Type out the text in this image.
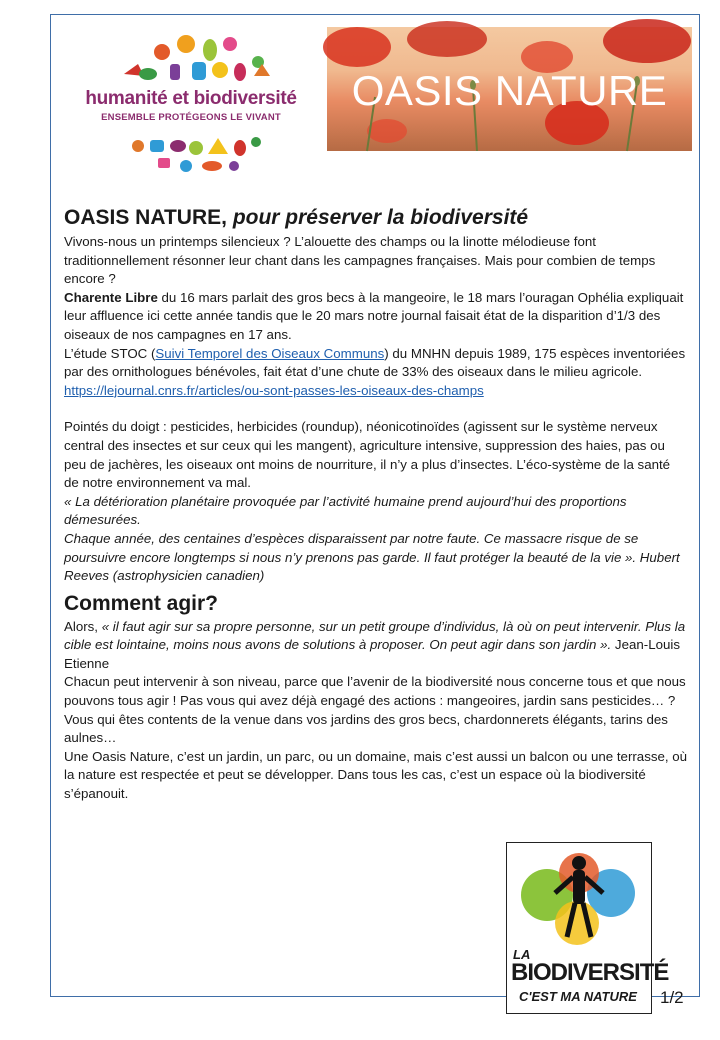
humanité et biodiversité
ENSEMBLE PROTÉGEONS LE VIVANT
OASIS NATURE
OASIS NATURE, pour préserver la biodiversité

Vivons-nous un printemps silencieux ? L’alouette des champs ou la linotte mélodieuse font traditionnellement résonner leur chant dans les campagnes françaises. Mais pour combien de temps encore ?

Charente Libre du 16 mars parlait des gros becs à la mangeoire, le 18 mars l’ouragan Ophélia expliquait leur affluence ici cette année tandis que le 20 mars notre journal faisait état de la disparition d’1/3 des oiseaux de nos campagnes en 17 ans.

L’étude STOC (Suivi Temporel des Oiseaux Communs) du MNHN depuis 1989, 175 espèces inventoriées par des ornithologues bénévoles, fait état d’une chute de 33% des oiseaux dans le milieu agricole.

https://lejournal.cnrs.fr/articles/ou-sont-passes-les-oiseaux-des-champs

Pointés du doigt : pesticides, herbicides (roundup), néonicotinoïdes (agissent sur le système nerveux central des insectes et sur ceux qui les mangent), agriculture intensive, suppression des haies, pas ou peu de jachères, les oiseaux ont moins de nourriture, il n’y a plus d’insectes. L’éco-système de la santé de notre environnement va mal.

« La détérioration planétaire provoquée par l’activité humaine prend aujourd’hui des proportions démesurées.

Chaque année, des centaines d’espèces disparaissent par notre faute. Ce massacre risque de se poursuivre encore longtemps si nous n’y prenons pas garde. Il faut protéger la beauté de la vie ». Hubert Reeves (astrophysicien canadien)

Comment agir?

Alors, « il faut agir sur sa propre personne, sur un petit groupe d’individus, là où on peut intervenir. Plus la cible est lointaine, moins nous avons de solutions à proposer. On peut agir dans son jardin ». Jean-Louis Etienne

Chacun peut intervenir à son niveau, parce que l’avenir de la biodiversité nous concerne tous et que nous pouvons tous agir ! Pas vous qui avez déjà engagé des actions : mangeoires, jardin sans pesticides… ? Vous qui êtes contents de la venue dans vos jardins des gros becs, chardonnerets élégants, tarins des aulnes…

Une Oasis Nature, c’est un jardin, un parc, ou un domaine, mais c’est aussi un balcon ou une terrasse, où la nature est respectée et peut se développer. Dans tous les cas, c’est un espace où la biodiversité s’épanouit.

LA
BIODIVERSITÉ
C'EST MA NATURE 1/2
